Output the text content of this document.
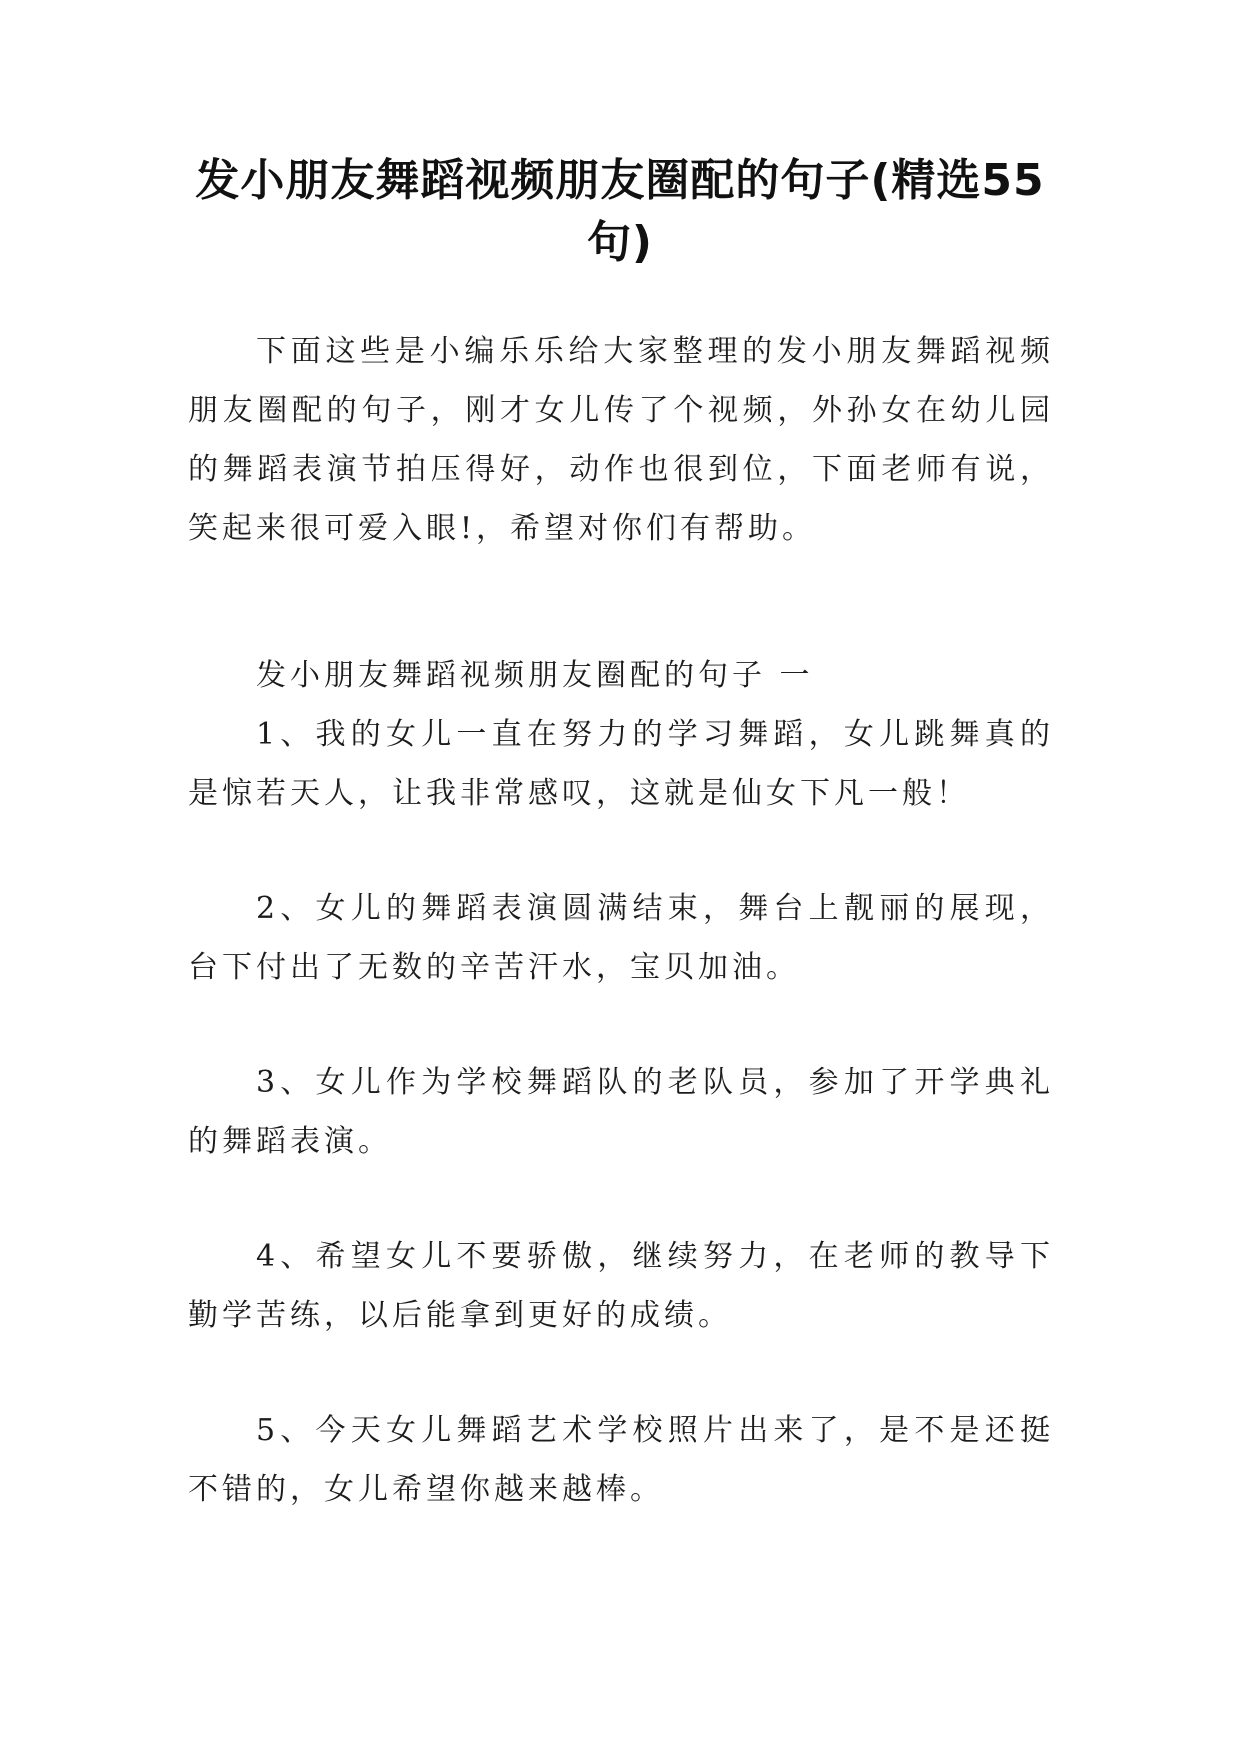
发小朋友舞蹈视频朋友圈配的句子(精选55句)

下面这些是小编乐乐给大家整理的发小朋友舞蹈视频朋友圈配的句子，刚才女儿传了个视频，外孙女在幼儿园的舞蹈表演节拍压得好，动作也很到位，下面老师有说，笑起来很可爱入眼!，希望对你们有帮助。

发小朋友舞蹈视频朋友圈配的句子 一

1、我的女儿一直在努力的学习舞蹈，女儿跳舞真的是惊若天人，让我非常感叹，这就是仙女下凡一般！

2、女儿的舞蹈表演圆满结束，舞台上靓丽的展现，台下付出了无数的辛苦汗水，宝贝加油。

3、女儿作为学校舞蹈队的老队员，参加了开学典礼的舞蹈表演。

4、希望女儿不要骄傲，继续努力，在老师的教导下勤学苦练，以后能拿到更好的成绩。

5、今天女儿舞蹈艺术学校照片出来了，是不是还挺不错的，女儿希望你越来越棒。
